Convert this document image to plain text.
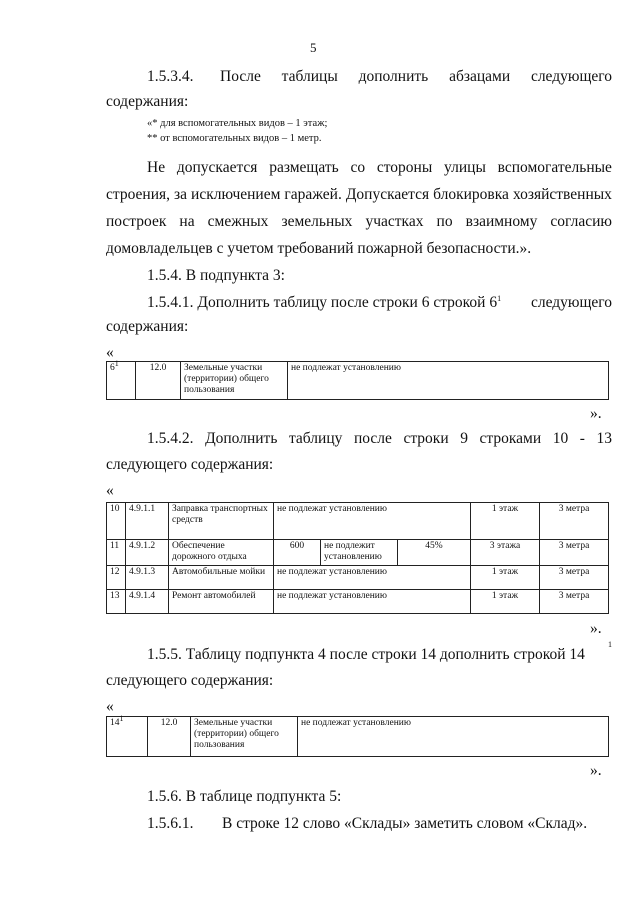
5
1.5.3.4. После таблицы дополнить абзацами следующего
содержания:
«* для вспомогательных видов – 1 этаж;
** от вспомогательных видов – 1 метр.
Не допускается размещать со стороны улицы вспомогательные
строения, за исключением гаражей. Допускается блокировка хозяйственных
построек на смежных земельных участках по взаимному согласию
домовладельцев с учетом требований пожарной безопасности.».
1.5.4. В подпункта 3:
1.5.4.1. Дополнить таблицу после строки 6 строкой $6^1$ следующего
содержания:
«
$6^1$	12.0	Земельные участки (территории) общего пользования	не подлежат установлению
».
1.5.4.2. Дополнить таблицу после строки 9 строками 10 - 13
следующего содержания:
«
10	4.9.1.1	Заправка транспортных средств	не подлежат установлению			1 этаж	3 метра
11	4.9.1.2	Обеспечение дорожного отдыха	600	не подлежит установлению	45%	3 этажа	3 метра
12	4.9.1.3	Автомобильные мойки	не подлежат установлению			1 этаж	3 метра
13	4.9.1.4	Ремонт автомобилей	не подлежат установлению			1 этаж	3 метра
».
1.5.5. Таблицу подпункта 4 после строки 14 дополнить строкой 14
1
следующего содержания:
«
$14^1$	12.0	Земельные участки (территории) общего пользования	не подлежат установлению
».
1.5.6. В таблице подпункта 5:
1.5.6.1. В строке 12 слово «Склады» заметить словом «Склад».
